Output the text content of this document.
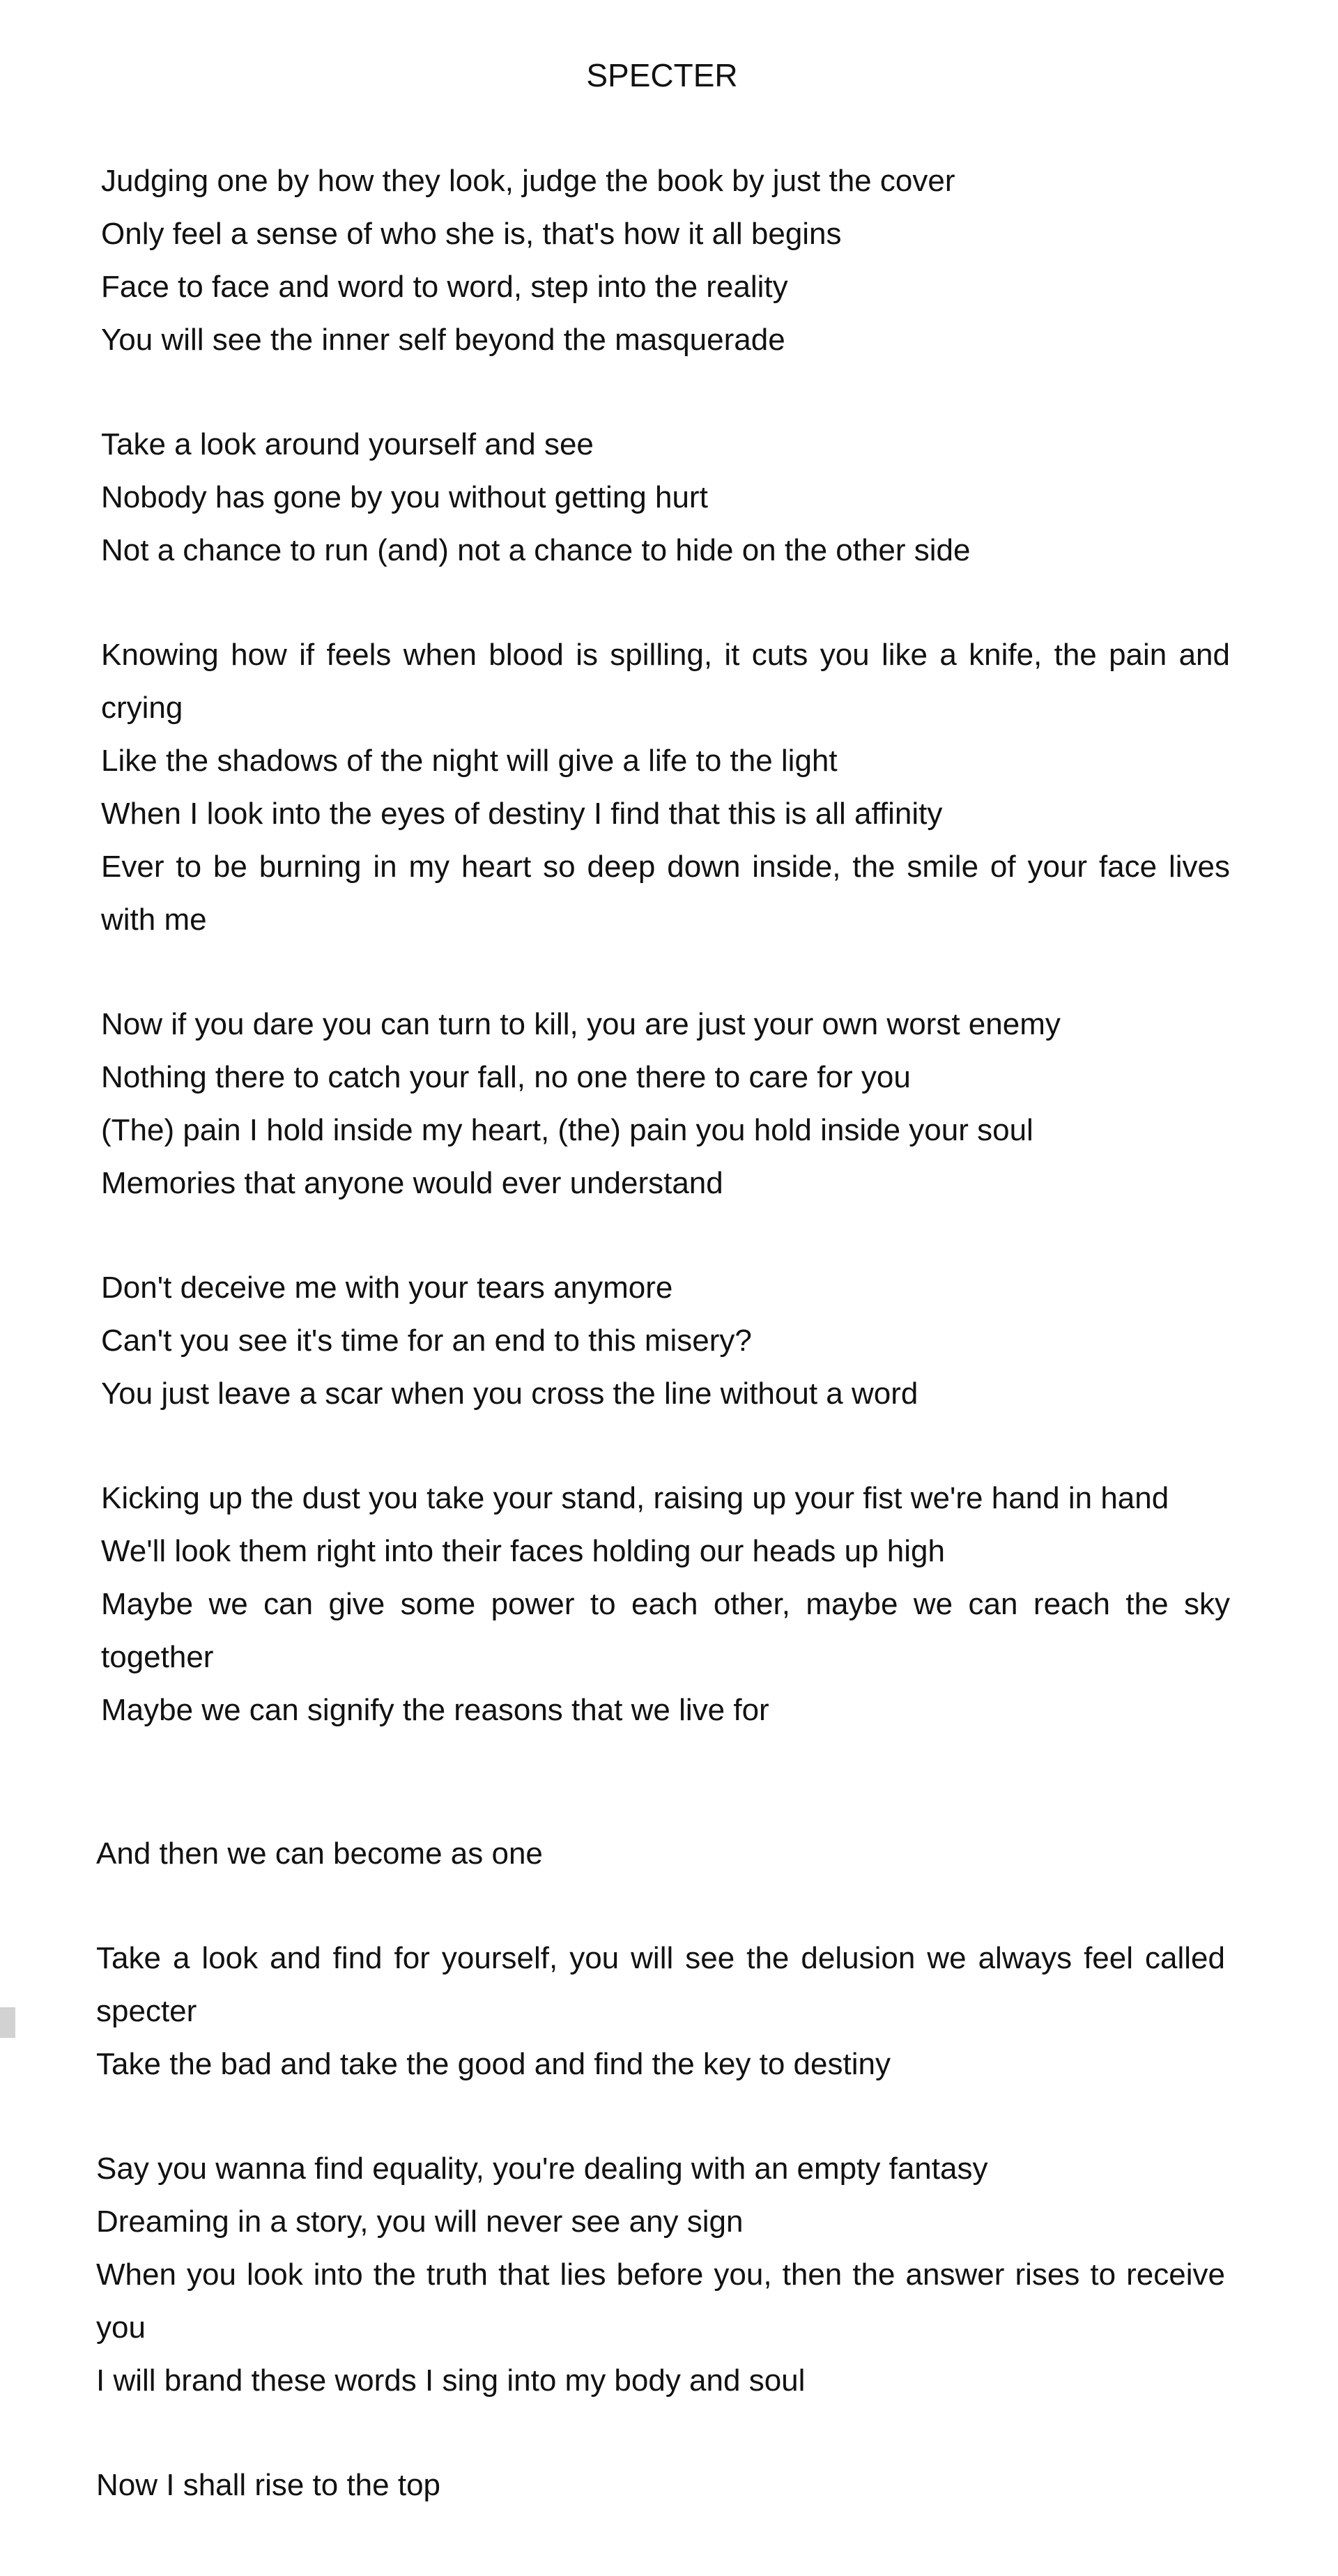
SPECTER

Judging one by how they look, judge the book by just the cover

Only feel a sense of who she is, that's how it all begins

Face to face and word to word, step into the reality

You will see the inner self beyond the masquerade

Take a look around yourself and see

Nobody has gone by you without getting hurt

Not a chance to run (and) not a chance to hide on the other side

Knowing how if feels when blood is spilling, it cuts you like a knife, the pain and crying

Like the shadows of the night will give a life to the light

When I look into the eyes of destiny I find that this is all affinity

Ever to be burning in my heart so deep down inside, the smile of your face lives with me

Now if you dare you can turn to kill, you are just your own worst enemy

Nothing there to catch your fall, no one there to care for you

(The) pain I hold inside my heart, (the) pain you hold inside your soul

Memories that anyone would ever understand

Don't deceive me with your tears anymore

Can't you see it's time for an end to this misery?

You just leave a scar when you cross the line without a word

Kicking up the dust you take your stand, raising up your fist we're hand in hand

We'll look them right into their faces holding our heads up high

Maybe we can give some power to each other, maybe we can reach the sky together

Maybe we can signify the reasons that we live for

And then we can become as one

Take a look and find for yourself, you will see the delusion we always feel called specter

Take the bad and take the good and find the key to destiny

Say you wanna find equality, you're dealing with an empty fantasy

Dreaming in a story, you will never see any sign

When you look into the truth that lies before you, then the answer rises to receive you

I will brand these words I sing into my body and soul

Now I shall rise to the top
